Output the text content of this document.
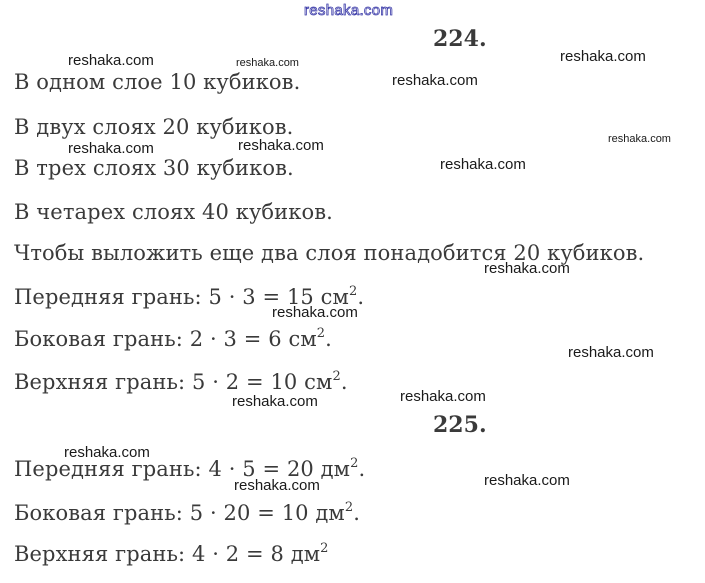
224.
В одном слое 10 кубиков.
В двух слоях 20 кубиков.
В трех слоях 30 кубиков.
В четарех слоях 40 кубиков.
Чтобы выложить еще два слоя понадобится 20 кубиков.
Передняя грань: 5 · 3 = 15 $см^2$.
Боковая грань: 2 · 3 = 6 $см^2$.
Верхняя грань: 5 · 2 = 10 $см^2$.
225.
Передняя грань: 4 · 5 = 20 $дм^2$.
Боковая грань: 5 · 20 = 10 $дм^2$.
Верхняя грань: 4 · 2 = 8 $дм^2$
reshaka.com
reshaka.com	reshaka.com	reshaka.com
reshaka.com
reshaka.com	reshaka.com	reshaka.com
reshaka.com
reshaka.com
reshaka.com
reshaka.com
reshaka.com	reshaka.com
reshaka.com
reshaka.com	reshaka.com
